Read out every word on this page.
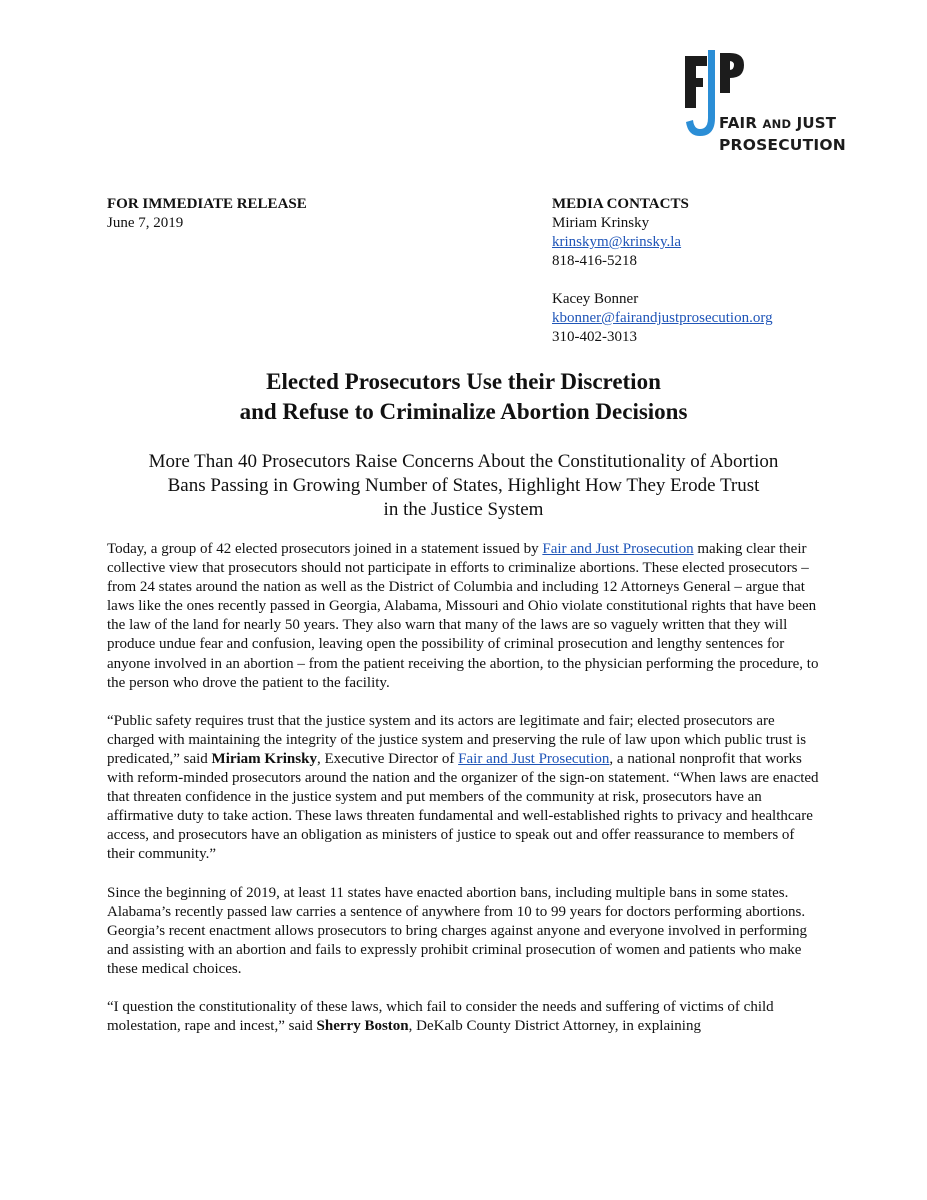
FAIR AND JUST
PROSECUTION
FOR IMMEDIATE RELEASE
June 7, 2019
MEDIA CONTACTS
Miriam Krinsky
krinskym@krinsky.la
818-416-5218
Kacey Bonner
kbonner@fairandjustprosecution.org
310-402-3013
Elected Prosecutors Use their Discretion
and Refuse to Criminalize Abortion Decisions
More Than 40 Prosecutors Raise Concerns About the Constitutionality of Abortion
Bans Passing in Growing Number of States, Highlight How They Erode Trust
in the Justice System

Today, a group of 42 elected prosecutors joined in a statement issued by Fair and Just Prosecution making clear their collective view that prosecutors should not participate in efforts to criminalize abortions. These elected prosecutors – from 24 states around the nation as well as the District of Columbia and including 12 Attorneys General – argue that laws like the ones recently passed in Georgia, Alabama, Missouri and Ohio violate constitutional rights that have been the law of the land for nearly 50 years. They also warn that many of the laws are so vaguely written that they will produce undue fear and confusion, leaving open the possibility of criminal prosecution and lengthy sentences for anyone involved in an abortion – from the patient receiving the abortion, to the physician performing the procedure, to the person who drove the patient to the facility.

“Public safety requires trust that the justice system and its actors are legitimate and fair; elected prosecutors are charged with maintaining the integrity of the justice system and preserving the rule of law upon which public trust is predicated,” said Miriam Krinsky, Executive Director of Fair and Just Prosecution, a national nonprofit that works with reform-minded prosecutors around the nation and the organizer of the sign-on statement. “When laws are enacted that threaten confidence in the justice system and put members of the community at risk, prosecutors have an affirmative duty to take action. These laws threaten fundamental and well-established rights to privacy and healthcare access, and prosecutors have an obligation as ministers of justice to speak out and offer reassurance to members of their community.”

Since the beginning of 2019, at least 11 states have enacted abortion bans, including multiple bans in some states. Alabama’s recently passed law carries a sentence of anywhere from 10 to 99 years for doctors performing abortions. Georgia’s recent enactment allows prosecutors to bring charges against anyone and everyone involved in performing and assisting with an abortion and fails to expressly prohibit criminal prosecution of women and patients who make these medical choices.

“I question the constitutionality of these laws, which fail to consider the needs and suffering of victims of child molestation, rape and incest,” said Sherry Boston, DeKalb County District Attorney, in explaining
